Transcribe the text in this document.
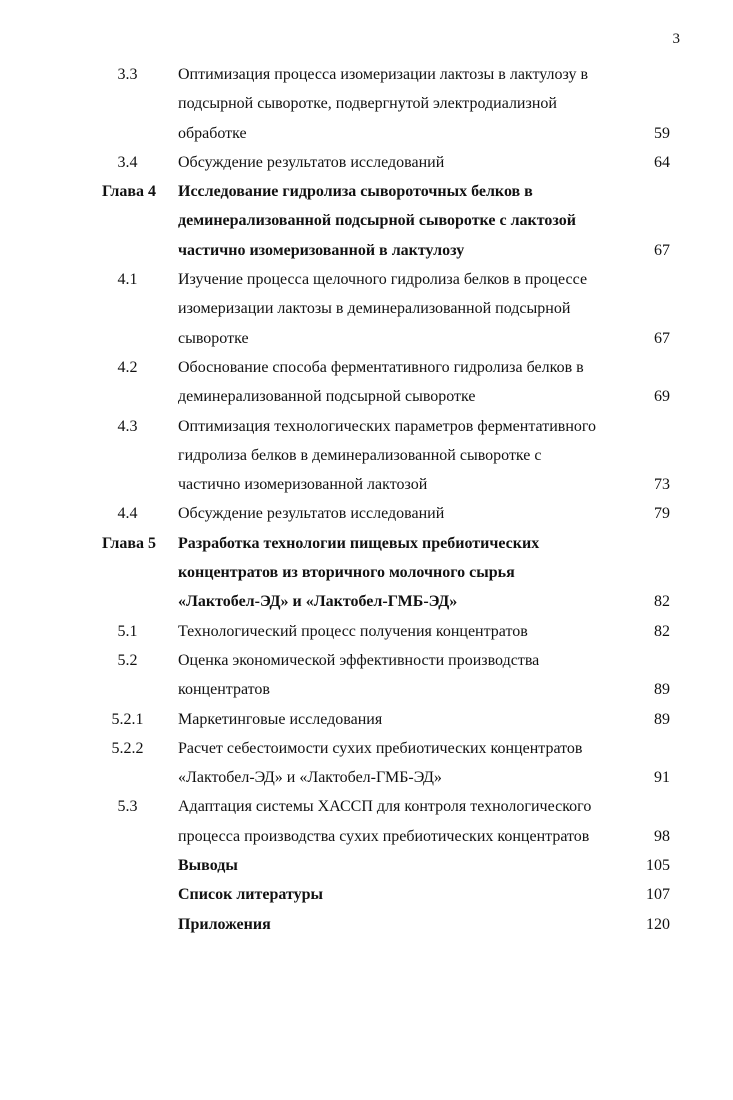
3
3.3	Оптимизация процесса изомеризации лактозы в лактулозу в
подсырной сыворотке, подвергнутой электродиализной
обработке	59
3.4	Обсуждение результатов исследований	64
Глава 4 Исследование гидролиза сывороточных белков в
деминерализованной подсырной сыворотке с лактозой
частично изомеризованной в лактулозу	67
4.1	Изучение процесса щелочного гидролиза белков в процессе
изомеризации лактозы в деминерализованной подсырной
сыворотке	67
4.2	Обоснование способа ферментативного гидролиза белков в
деминерализованной подсырной сыворотке	69
4.3	Оптимизация технологических параметров ферментативного
гидролиза белков в деминерализованной сыворотке с
частично изомеризованной лактозой	73
4.4	Обсуждение результатов исследований	79
Глава 5 Разработка технологии пищевых пребиотических
концентратов из вторичного молочного сырья
«Лактобел-ЭД» и «Лактобел-ГМБ-ЭД»	82
5.1	Технологический процесс получения концентратов	82
5.2	Оценка экономической эффективности производства
концентратов	89
5.2.1	Маркетинговые исследования	89
5.2.2	Расчет себестоимости сухих пребиотических концентратов
«Лактобел-ЭД» и «Лактобел-ГМБ-ЭД»	91
5.3	Адаптация системы ХАССП для контроля технологического
процесса производства сухих пребиотических концентратов	98
Выводы	105
Список литературы	107
Приложения	120
